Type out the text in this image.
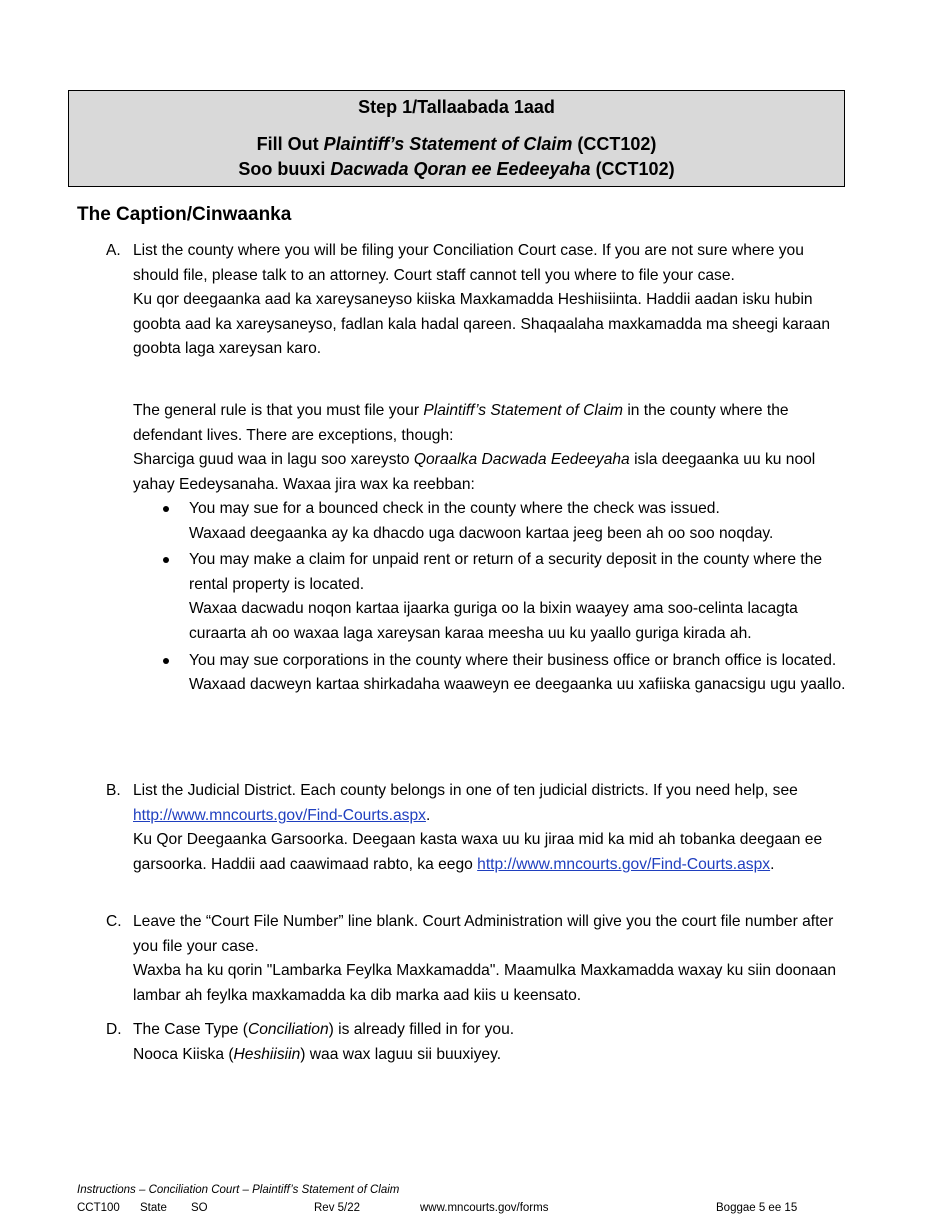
Step 1/Tallaabada 1aad
Fill Out Plaintiff’s Statement of Claim (CCT102)
Soo buuxi Dacwada Qoran ee Eedeeyaha (CCT102)
The Caption/Cinwaanka
A. List the county where you will be filing your Conciliation Court case. If you are not sure where you should file, please talk to an attorney. Court staff cannot tell you where to file your case.

Ku qor deegaanka aad ka xareysaneyso kiiska Maxkamadda Heshiisiinta. Haddii aadan isku hubin goobta aad ka xareysaneyso, fadlan kala hadal qareen. Shaqaalaha maxkamadda ma sheegi karaan goobta laga xareysan karo.

The general rule is that you must file your Plaintiff’s Statement of Claim in the county where the defendant lives. There are exceptions, though:

Sharciga guud waa in lagu soo xareysto Qoraalka Dacwada Eedeeyaha isla deegaanka uu ku nool yahay Eedeysanaha. Waxaa jira wax ka reebban:

You may sue for a bounced check in the county where the check was issued.
Waxaad deegaanka ay ka dhacdo uga dacwoon kartaa jeeg been ah oo soo noqday.
You may make a claim for unpaid rent or return of a security deposit in the county where the rental property is located.
Waxaa dacwadu noqon kartaa ijaarka guriga oo la bixin waayey ama soo-celinta lacagta curaarta ah oo waxaa laga xareysan karaa meesha uu ku yaallo guriga kirada ah.
You may sue corporations in the county where their business office or branch office is located.
Waxaad dacweyn kartaa shirkadaha waaweyn ee deegaanka uu xafiiska ganacsigu ugu yaallo.
B. List the Judicial District. Each county belongs in one of ten judicial districts. If you need help, see http://www.mncourts.gov/Find-Courts.aspx.

Ku Qor Deegaanka Garsoorka. Deegaan kasta waxa uu ku jiraa mid ka mid ah tobanka deegaan ee garsoorka. Haddii aad caawimaad rabto, ka eego http://www.mncourts.gov/Find-Courts.aspx.

C. Leave the “Court File Number” line blank. Court Administration will give you the court file number after you file your case.

Waxba ha ku qorin "Lambarka Feylka Maxkamadda". Maamulka Maxkamadda waxay ku siin doonaan lambar ah feylka maxkamadda ka dib marka aad kiis u keensato.

D. The Case Type (Conciliation) is already filled in for you.

Nooca Kiiska (Heshiisiin) waa wax laguu sii buuxiyey.

Instructions – Conciliation Court – Plaintiff’s Statement of Claim
CCT100 State SO	Rev 5/22	www.mncourts.gov/forms	Boggae 5 ee 15
